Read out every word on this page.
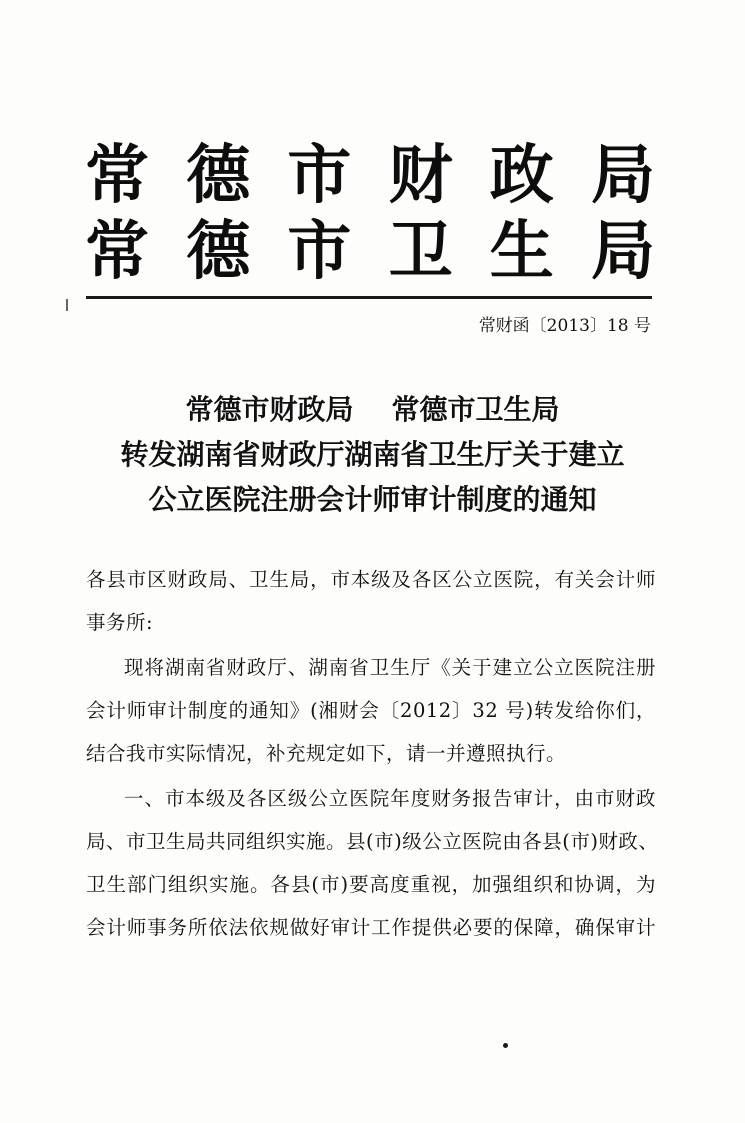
常 德 市 财 政 局
常 德 市 卫 生 局
常财函〔2013〕18 号
常德市财政局 常德市卫生局
转发湖南省财政厅湖南省卫生厅关于建立
公立医院注册会计师审计制度的通知
各县市区财政局、卫生局，市本级及各区公立医院，有关会计师
事务所:
现将湖南省财政厅、湖南省卫生厅《关于建立公立医院注册
会计师审计制度的通知》(湘财会〔2012〕32 号)转发给你们，
结合我市实际情况，补充规定如下，请一并遵照执行。
一、市本级及各区级公立医院年度财务报告审计，由市财政
局、市卫生局共同组织实施。县(市)级公立医院由各县(市)财政、
卫生部门组织实施。各县(市)要高度重视，加强组织和协调，为
会计师事务所依法依规做好审计工作提供必要的保障，确保审计
